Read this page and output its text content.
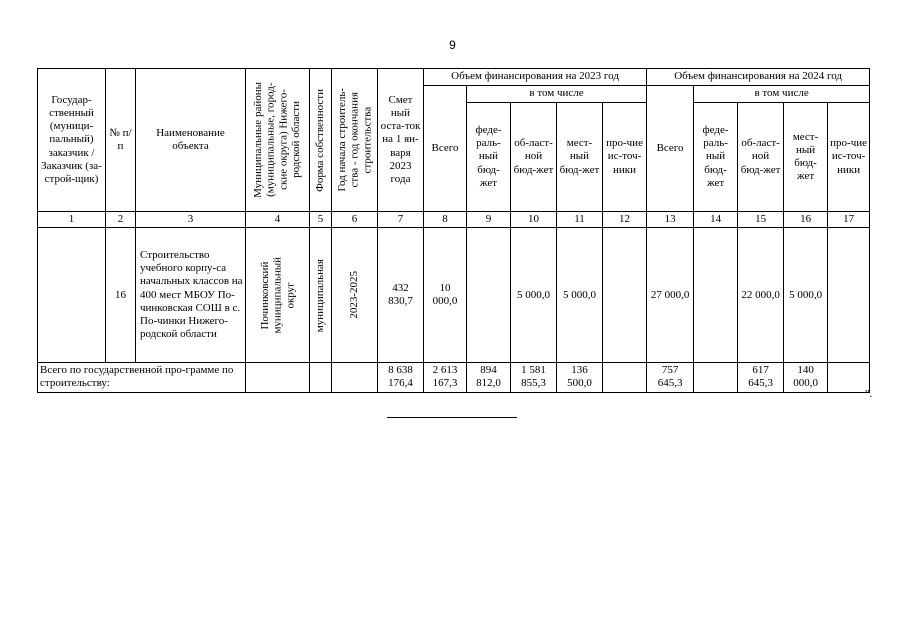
9
Государ-ственный (муници-пальный) заказчик / Заказчик (за-строй-щик)	№ п/п	Наименование объекта	Муниципальные районы
(муниципальные, город-
ские округа) Нижего-
родской области	Форма собственности	Год начала строитель-
ства - год окончания
строительства	Смет ный оста-ток на 1 ян-варя 2023 года	Объем финансирования на 2023 год					Объем финансирования на 2024 год				
							Всего	в том числе				Всего	в том числе			
								феде-раль-ный бюд-жет	об-ласт-ной бюд-жет	мест-ный бюд-жет	про-чие ис-точ-ники		феде-раль-ный бюд-жет	об-ласт-ной бюд-жет	мест-ный бюд-жет	про-чие ис-точ-ники
1	2	3	4	5	6	7	8	9	10	11	12	13	14	15	16	17
	16	Строительство учебного корпу-са начальных классов на 400 мест МБОУ По-чинковская СОШ в с. По-чинки Нижего-родской области	Починковский
муниципальный
округ	муниципальная	2023-2025	432 830,7	10 000,0		5 000,0	5 000,0		27 000,0		22 000,0	5 000,0	
Всего по государственной про-грамме по строительству:						8 638 176,4	2 613 167,3	894 812,0	1 581 855,3	136 500,0		757 645,3		617 645,3	140 000,0	
".
